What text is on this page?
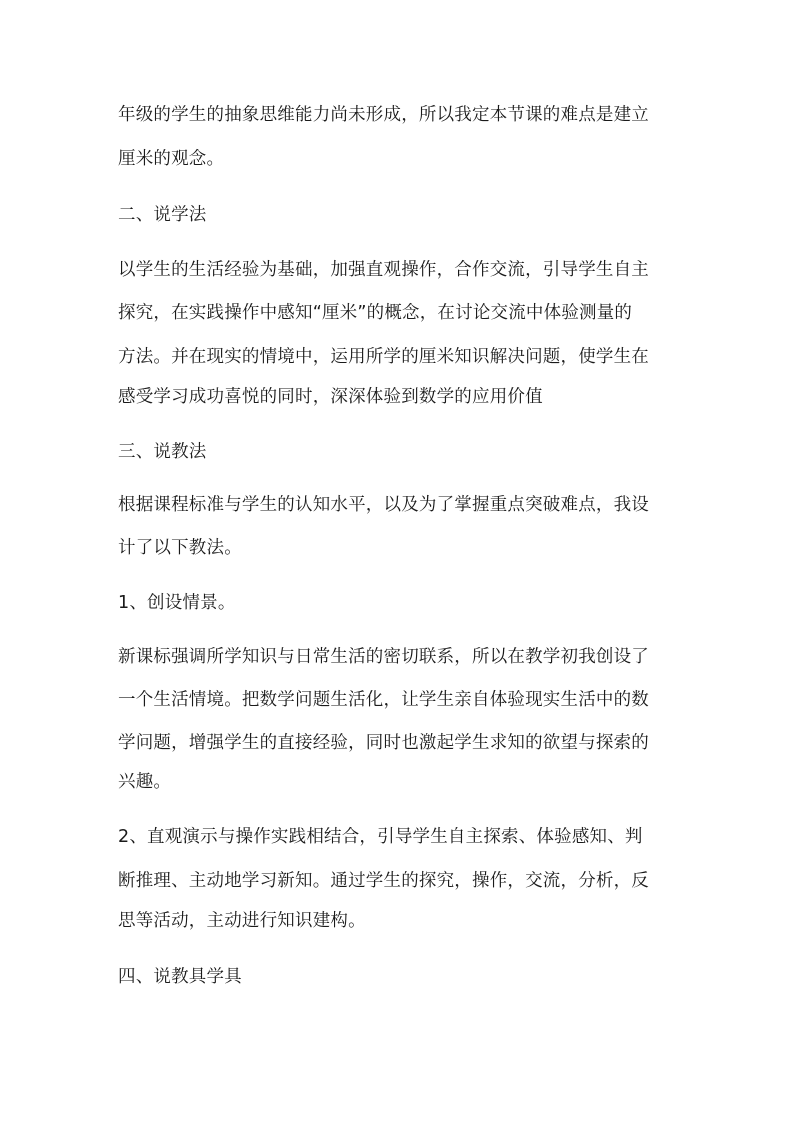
年级的学生的抽象思维能力尚未形成，所以我定本节课的难点是建立
厘米的观念。
二、说学法
以学生的生活经验为基础，加强直观操作，合作交流，引导学生自主
探究，在实践操作中感知“厘米”的概念，在讨论交流中体验测量的
方法。并在现实的情境中，运用所学的厘米知识解决问题，使学生在
感受学习成功喜悦的同时，深深体验到数学的应用价值
三、说教法
根据课程标准与学生的认知水平，以及为了掌握重点突破难点，我设
计了以下教法。
1、创设情景。
新课标强调所学知识与日常生活的密切联系，所以在教学初我创设了
一个生活情境。把数学问题生活化，让学生亲自体验现实生活中的数
学问题，增强学生的直接经验，同时也激起学生求知的欲望与探索的
兴趣。
2、直观演示与操作实践相结合，引导学生自主探索、体验感知、判
断推理、主动地学习新知。通过学生的探究，操作，交流，分析，反
思等活动，主动进行知识建构。
四、说教具学具
